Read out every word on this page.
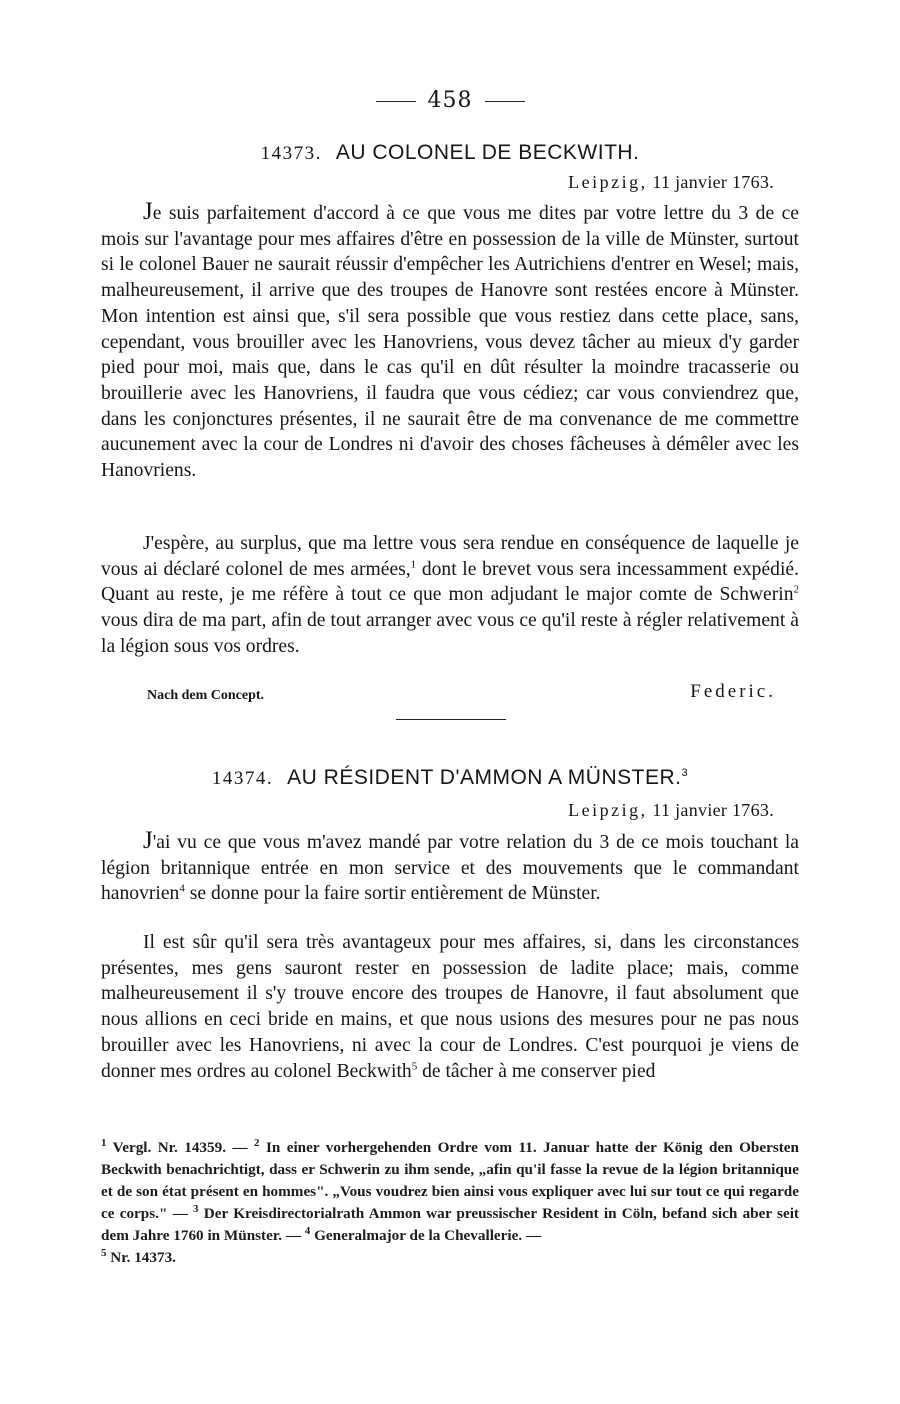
458
14373. AU COLONEL DE BECKWITH.
Leipzig, 11 janvier 1763.

Je suis parfaitement d'accord à ce que vous me dites par votre lettre du 3 de ce mois sur l'avantage pour mes affaires d'être en possession de la ville de Münster, surtout si le colonel Bauer ne saurait réussir d'empêcher les Autrichiens d'entrer en Wesel; mais, malheureusement, il arrive que des troupes de Hanovre sont restées encore à Münster. Mon intention est ainsi que, s'il sera possible que vous restiez dans cette place, sans, cependant, vous brouiller avec les Hanovriens, vous devez tâcher au mieux d'y garder pied pour moi, mais que, dans le cas qu'il en dût résulter la moindre tracasserie ou brouillerie avec les Hanovriens, il faudra que vous cédiez; car vous conviendrez que, dans les conjonctures présentes, il ne saurait être de ma convenance de me commettre aucunement avec la cour de Londres ni d'avoir des choses fâcheuses à démêler avec les Hanovriens.

J'espère, au surplus, que ma lettre vous sera rendue en conséquence de laquelle je vous ai déclaré colonel de mes armées,$^1$ dont le brevet vous sera incessamment expédié. Quant au reste, je me réfère à tout ce que mon adjudant le major comte de Schwerin$^2$ vous dira de ma part, afin de tout arranger avec vous ce qu'il reste à régler relativement à la légion sous vos ordres.

Nach dem Concept.	Federic.
14374. AU RÉSIDENT D'AMMON A MÜNSTER.$^3$
Leipzig, 11 janvier 1763.

J'ai vu ce que vous m'avez mandé par votre relation du 3 de ce mois touchant la légion britannique entrée en mon service et des mouvements que le commandant hanovrien$^4$ se donne pour la faire sortir entièrement de Münster.

Il est sûr qu'il sera très avantageux pour mes affaires, si, dans les circonstances présentes, mes gens sauront rester en possession de ladite place; mais, comme malheureusement il s'y trouve encore des troupes de Hanovre, il faut absolument que nous allions en ceci bride en mains, et que nous usions des mesures pour ne pas nous brouiller avec les Hanovriens, ni avec la cour de Londres. C'est pourquoi je viens de donner mes ordres au colonel Beckwith$^5$ de tâcher à me conserver pied

$^1$ Vergl. Nr. 14359. — $^2$ In einer vorhergehenden Ordre vom 11. Januar hatte der König den Obersten Beckwith benachrichtigt, dass er Schwerin zu ihm sende, „afin qu'il fasse la revue de la légion britannique et de son état présent en hommes". „Vous voudrez bien ainsi vous expliquer avec lui sur tout ce qui regarde ce corps." — $^3$ Der Kreisdirectorialrath Ammon war preussischer Resident in Cöln, befand sich aber seit dem Jahre 1760 in Münster. — $^4$ Generalmajor de la Chevallerie. —
$^5$ Nr. 14373.
